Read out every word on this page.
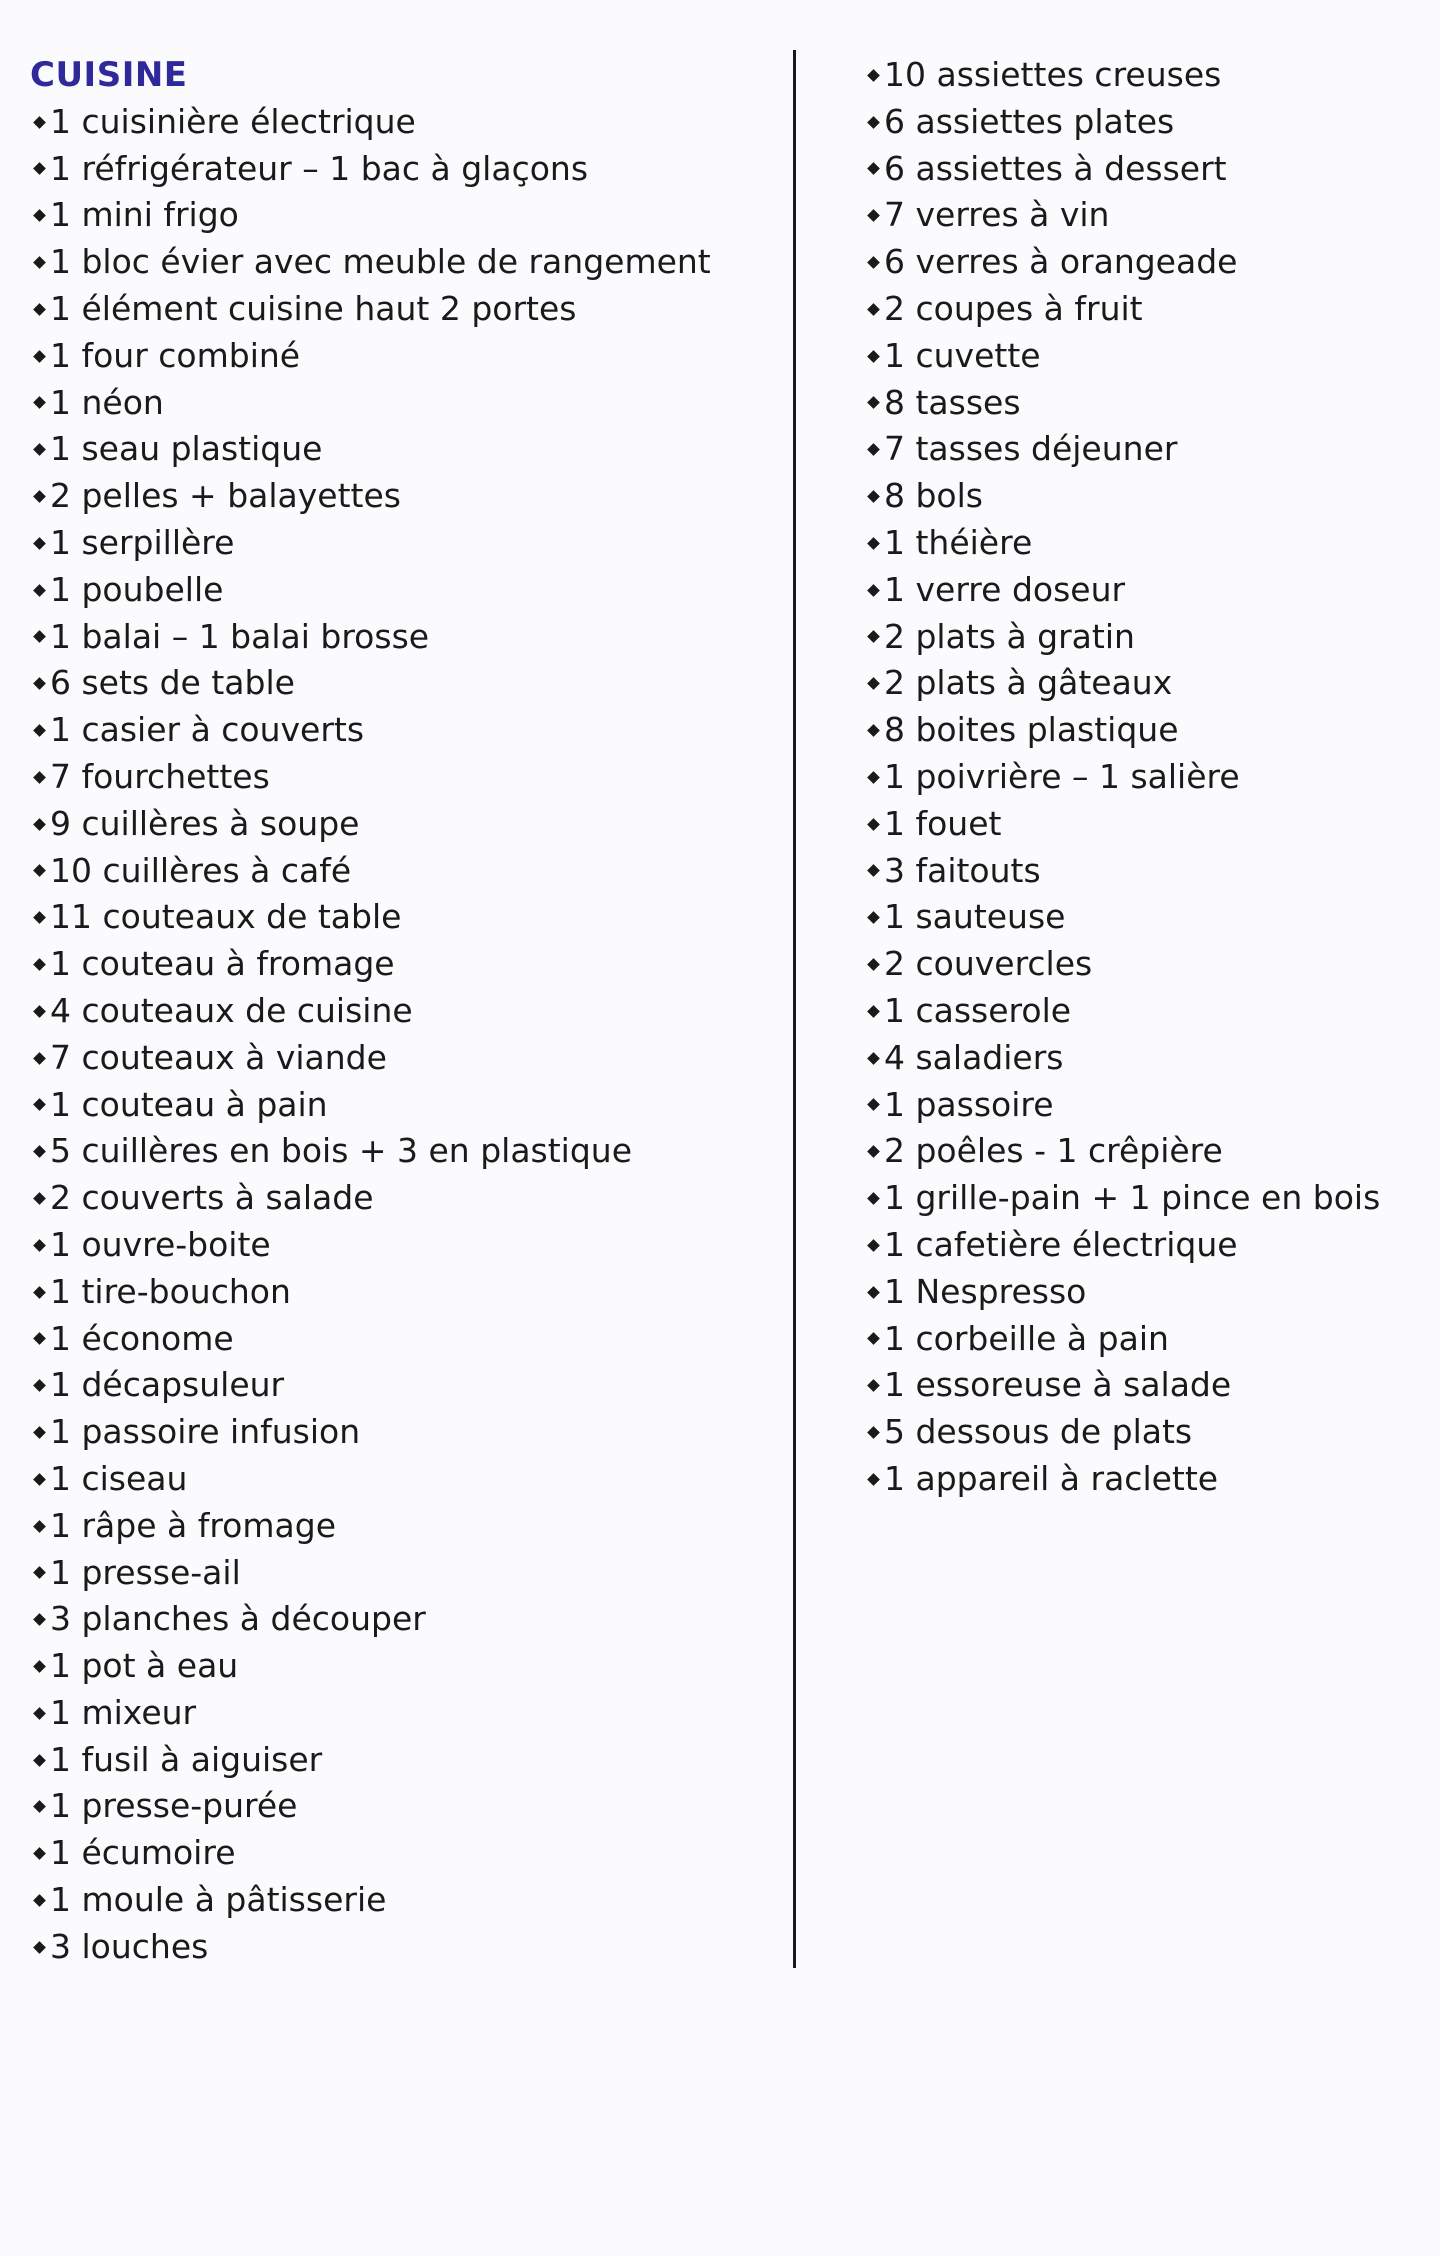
CUISINE
1 cuisinière électrique
1 réfrigérateur – 1 bac à glaçons
1 mini frigo
1 bloc évier avec meuble de rangement
1 élément cuisine haut 2 portes
1 four combiné
1 néon
1 seau plastique
2 pelles + balayettes
1 serpillère
1 poubelle
1 balai – 1 balai brosse
6 sets de table
1 casier à couverts
7 fourchettes
9 cuillères à soupe
10 cuillères à café
11 couteaux de table
1 couteau à fromage
4 couteaux de cuisine
7 couteaux à viande
1 couteau à pain
5 cuillères en bois + 3 en plastique
2 couverts à salade
1 ouvre-boite
1 tire-bouchon
1 économe
1 décapsuleur
1 passoire infusion
1 ciseau
1 râpe à fromage
1 presse-ail
3 planches à découper
1 pot à eau
1 mixeur
1 fusil à aiguiser
1 presse-purée
1 écumoire
1 moule à pâtisserie
3 louches
10 assiettes creuses
6 assiettes plates
6 assiettes à dessert
7 verres à vin
6 verres à orangeade
2 coupes à fruit
1 cuvette
8 tasses
7 tasses déjeuner
8 bols
1 théière
1 verre doseur
2 plats à gratin
2 plats à gâteaux
8 boites plastique
1 poivrière – 1 salière
1 fouet
3 faitouts
1 sauteuse
2 couvercles
1 casserole
4 saladiers
1 passoire
2 poêles - 1 crêpière
1 grille-pain + 1 pince en bois
1 cafetière électrique
1 Nespresso
1 corbeille à pain
1 essoreuse à salade
5 dessous de plats
1 appareil à raclette
